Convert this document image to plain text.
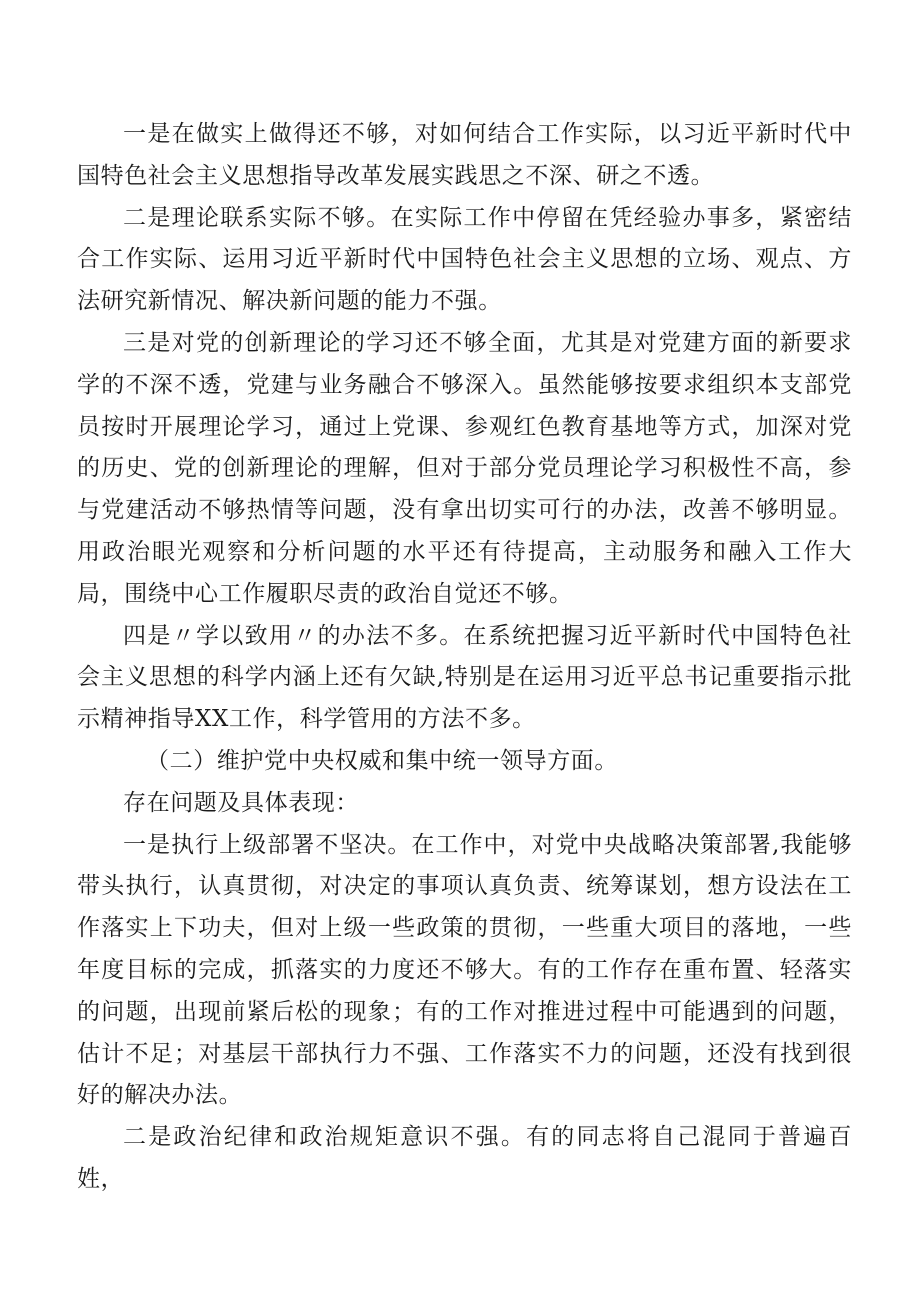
一是在做实上做得还不够，对如何结合工作实际，以习近平新时代中国特色社会主义思想指导改革发展实践思之不深、研之不透。

二是理论联系实际不够。在实际工作中停留在凭经验办事多，紧密结合工作实际、运用习近平新时代中国特色社会主义思想的立场、观点、方法研究新情况、解决新问题的能力不强。

三是对党的创新理论的学习还不够全面，尤其是对党建方面的新要求学的不深不透，党建与业务融合不够深入。虽然能够按要求组织本支部党员按时开展理论学习，通过上党课、参观红色教育基地等方式，加深对党的历史、党的创新理论的理解，但对于部分党员理论学习积极性不高，参与党建活动不够热情等问题，没有拿出切实可行的办法，改善不够明显。用政治眼光观察和分析问题的水平还有待提高，主动服务和融入工作大局，围绕中心工作履职尽责的政治自觉还不够。

四是〃学以致用〃的办法不多。在系统把握习近平新时代中国特色社会主义思想的科学内涵上还有欠缺,特别是在运用习近平总书记重要指示批示精神指导XX工作，科学管用的方法不多。

（二）维护党中央权威和集中统一领导方面。

存在问题及具体表现：

一是执行上级部署不坚决。在工作中，对党中央战略决策部署,我能够带头执行，认真贯彻，对决定的事项认真负责、统筹谋划，想方设法在工作落实上下功夫，但对上级一些政策的贯彻，一些重大项目的落地，一些年度目标的完成，抓落实的力度还不够大。有的工作存在重布置、轻落实的问题，出现前紧后松的现象；有的工作对推进过程中可能遇到的问题，估计不足；对基层干部执行力不强、工作落实不力的问题，还没有找到很好的解决办法。

二是政治纪律和政治规矩意识不强。有的同志将自己混同于普遍百姓，
